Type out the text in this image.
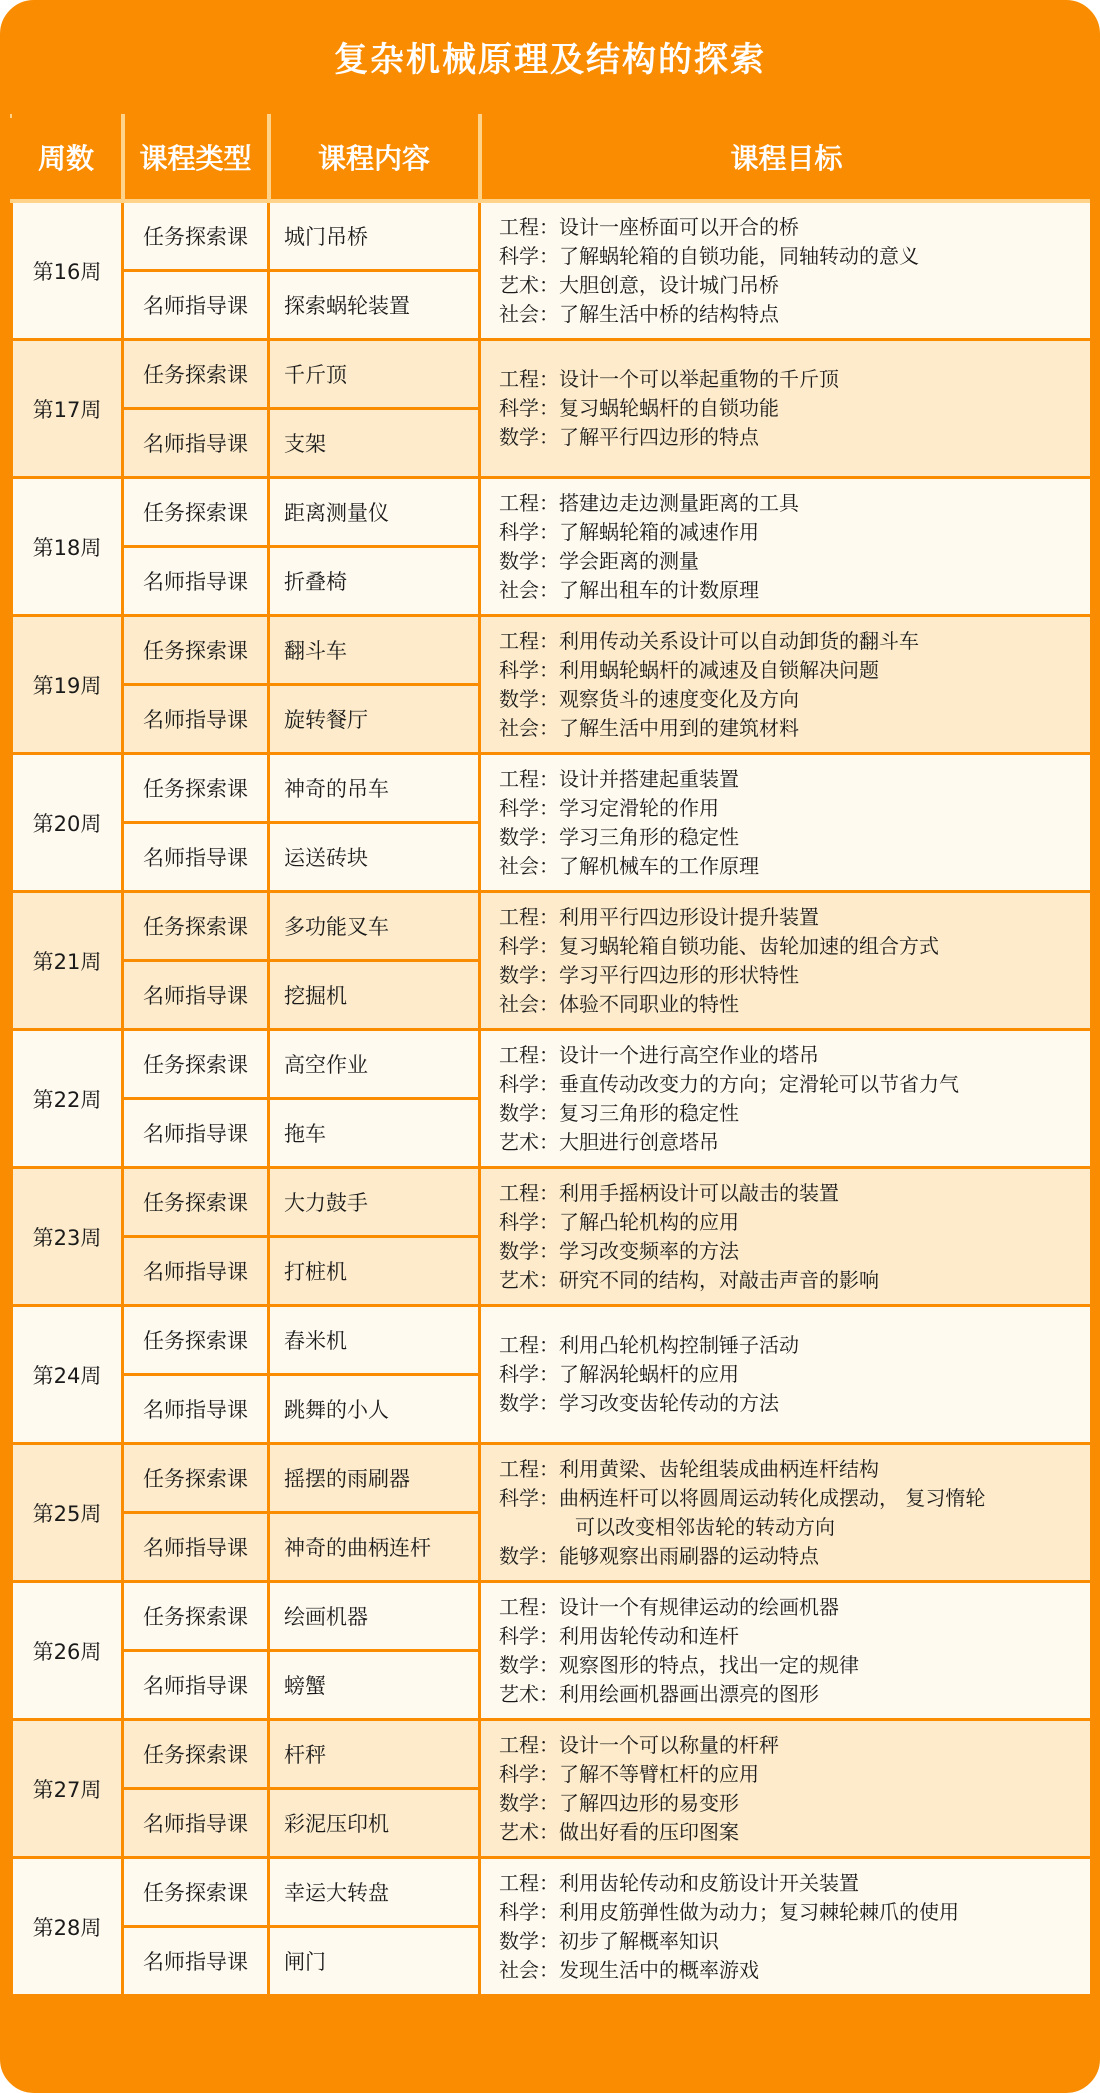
复杂机械原理及结构的探索
周数	课程类型	课程内容	课程目标
第16周	任务探索课	城门吊桥	工程：设计一座桥面可以开合的桥
科学：了解蜗轮箱的自锁功能，同轴转动的意义
艺术：大胆创意，设计城门吊桥
社会：了解生活中桥的结构特点

	名师指导课	探索蜗轮装置	
第17周	任务探索课	千斤顶	工程：设计一个可以举起重物的千斤顶
科学：复习蜗轮蜗杆的自锁功能
数学：了解平行四边形的特点

	名师指导课	支架	
第18周	任务探索课	距离测量仪	工程：搭建边走边测量距离的工具
科学：了解蜗轮箱的减速作用
数学：学会距离的测量
社会：了解出租车的计数原理

	名师指导课	折叠椅	
第19周	任务探索课	翻斗车	工程：利用传动关系设计可以自动卸货的翻斗车
科学：利用蜗轮蜗杆的减速及自锁解决问题
数学：观察货斗的速度变化及方向
社会：了解生活中用到的建筑材料

	名师指导课	旋转餐厅	
第20周	任务探索课	神奇的吊车	工程：设计并搭建起重装置
科学：学习定滑轮的作用
数学：学习三角形的稳定性
社会：了解机械车的工作原理

	名师指导课	运送砖块	
第21周	任务探索课	多功能叉车	工程：利用平行四边形设计提升装置
科学：复习蜗轮箱自锁功能、齿轮加速的组合方式
数学：学习平行四边形的形状特性
社会：体验不同职业的特性

	名师指导课	挖掘机	
第22周	任务探索课	高空作业	工程：设计一个进行高空作业的塔吊
科学：垂直传动改变力的方向；定滑轮可以节省力气
数学：复习三角形的稳定性
艺术：大胆进行创意塔吊

	名师指导课	拖车	
第23周	任务探索课	大力鼓手	工程：利用手摇柄设计可以敲击的装置
科学：了解凸轮机构的应用
数学：学习改变频率的方法
艺术：研究不同的结构，对敲击声音的影响

	名师指导课	打桩机	
第24周	任务探索课	舂米机	工程：利用凸轮机构控制锤子活动
科学：了解涡轮蜗杆的应用
数学：学习改变齿轮传动的方法

	名师指导课	跳舞的小人	
第25周	任务探索课	摇摆的雨刷器	工程：利用黄梁、齿轮组装成曲柄连杆结构
科学：曲柄连杆可以将圆周运动转化成摆动， 复习惰轮
可以改变相邻齿轮的转动方向
数学：能够观察出雨刷器的运动特点

	名师指导课	神奇的曲柄连杆	
第26周	任务探索课	绘画机器	工程：设计一个有规律运动的绘画机器
科学：利用齿轮传动和连杆
数学：观察图形的特点，找出一定的规律
艺术：利用绘画机器画出漂亮的图形

	名师指导课	螃蟹	
第27周	任务探索课	杆秤	工程：设计一个可以称量的杆秤
科学：了解不等臂杠杆的应用
数学：了解四边形的易变形
艺术：做出好看的压印图案

	名师指导课	彩泥压印机	
第28周	任务探索课	幸运大转盘	工程：利用齿轮传动和皮筋设计开关装置
科学：利用皮筋弹性做为动力；复习棘轮棘爪的使用
数学：初步了解概率知识
社会：发现生活中的概率游戏

	名师指导课	闸门	
